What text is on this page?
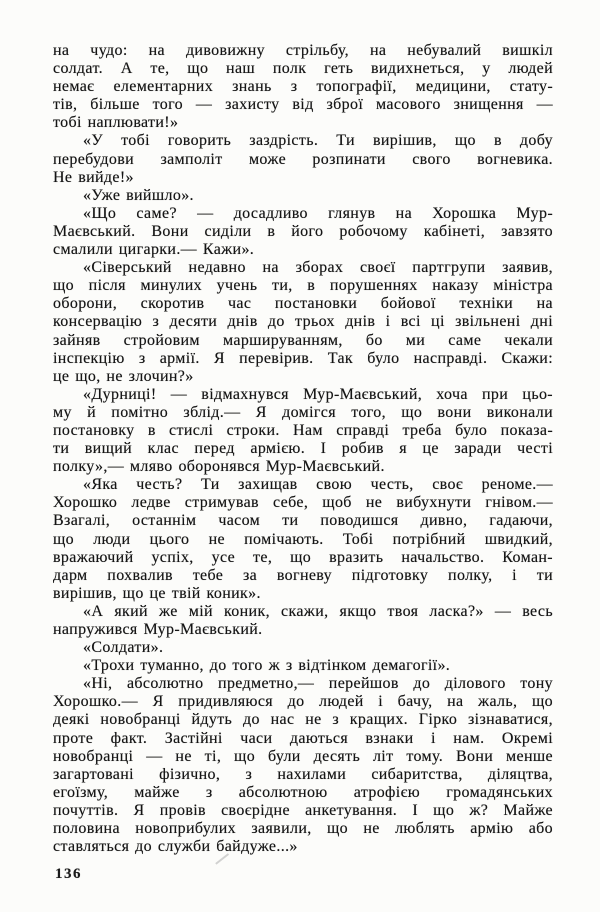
на чудо: на дивовижну стрільбу, на небувалий вишкіл
солдат. А те, що наш полк геть видихнеться, у людей
немає елементарних знань з топографії, медицини, стату-
тів, більше того — захисту від зброї масового знищення —
тобі наплювати!»
«У тобі говорить заздрість. Ти вирішив, що в добу
перебудови замполіт може розпинати свого вогневика.
Не вийде!»
«Уже вийшло».
«Що саме? — досадливо глянув на Хорошка Мур-
Маєвський. Вони сиділи в його робочому кабінеті, завзято
смалили цигарки.— Кажи».
«Сіверський недавно на зборах своєї партгрупи заявив,
що після минулих учень ти, в порушеннях наказу міністра
оборони, скоротив час постановки бойової техніки на
консервацію з десяти днів до трьох днів і всі ці звільнені дні
зайняв стройовим маршируванням, бо ми саме чекали
інспекцію з армії. Я перевірив. Так було насправді. Скажи:
це що, не злочин?»
«Дурниці! — відмахнувся Мур-Маєвський, хоча при цьо-
му й помітно зблід.— Я домігся того, що вони виконали
постановку в стислі строки. Нам справді треба було показа-
ти вищий клас перед армією. І робив я це заради честі
полку»,— мляво оборонявся Мур-Маєвський.
«Яка честь? Ти захищав свою честь, своє реноме.—
Хорошко ледве стримував себе, щоб не вибухнути гнівом.—
Взагалі, останнім часом ти поводишся дивно, гадаючи,
що люди цього не помічають. Тобі потрібний швидкий,
вражаючий успіх, усе те, що вразить начальство. Коман-
дарм похвалив тебе за вогневу підготовку полку, і ти
вирішив, що це твій коник».
«А який же мій коник, скажи, якщо твоя ласка?» — весь
напружився Мур-Маєвський.
«Солдати».
«Трохи туманно, до того ж з відтінком демагогії».
«Ні, абсолютно предметно,— перейшов до ділового тону
Хорошко.— Я придивляюся до людей і бачу, на жаль, що
деякі новобранці йдуть до нас не з кращих. Гірко зізнаватися,
проте факт. Застійні часи даються взнаки і нам. Окремі
новобранці — не ті, що були десять літ тому. Вони менше
загартовані фізично, з нахилами сибаритства, діляцтва,
егоїзму, майже з абсолютною атрофією громадянських
почуттів. Я провів своєрідне анкетування. І що ж? Майже
половина новоприбулих заявили, що не люблять армію або
ставляться до служби байдуже...»
136
